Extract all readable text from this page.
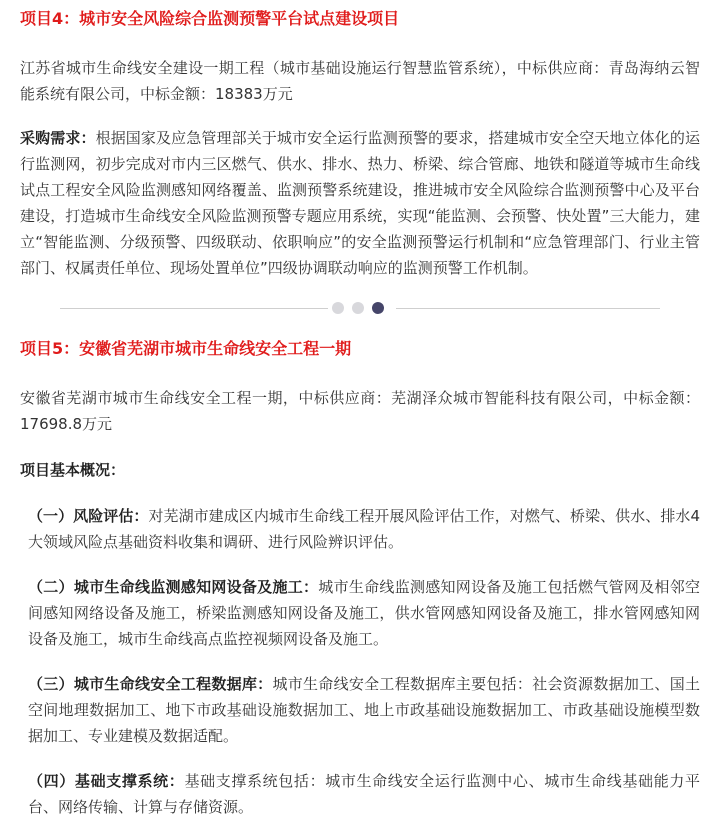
项目4：城市安全风险综合监测预警平台试点建设项目

江苏省城市生命线安全建设一期工程（城市基础设施运行智慧监管系统），中标供应商：青岛海纳云智能系统有限公司，中标金额：18383万元

采购需求：根据国家及应急管理部关于城市安全运行监测预警的要求，搭建城市安全空天地立体化的运行监测网，初步完成对市内三区燃气、供水、排水、热力、桥梁、综合管廊、地铁和隧道等城市生命线试点工程安全风险监测感知网络覆盖、监测预警系统建设，推进城市安全风险综合监测预警中心及平台建设，打造城市生命线安全风险监测预警专题应用系统，实现“能监测、会预警、快处置”三大能力，建立“智能监测、分级预警、四级联动、依职响应”的安全监测预警运行机制和“应急管理部门、行业主管部门、权属责任单位、现场处置单位”四级协调联动响应的监测预警工作机制。

项目5：安徽省芜湖市城市生命线安全工程一期

安徽省芜湖市城市生命线安全工程一期，中标供应商：芜湖泽众城市智能科技有限公司，中标金额：17698.8万元

项目基本概况：

（一）风险评估：对芜湖市建成区内城市生命线工程开展风险评估工作，对燃气、桥梁、供水、排水4大领域风险点基础资料收集和调研、进行风险辨识评估。

（二）城市生命线监测感知网设备及施工：城市生命线监测感知网设备及施工包括燃气管网及相邻空间感知网络设备及施工，桥梁监测感知网设备及施工，供水管网感知网设备及施工，排水管网感知网设备及施工，城市生命线高点监控视频网设备及施工。

（三）城市生命线安全工程数据库：城市生命线安全工程数据库主要包括：社会资源数据加工、国土空间地理数据加工、地下市政基础设施数据加工、地上市政基础设施数据加工、市政基础设施模型数据加工、专业建模及数据适配。

（四）基础支撑系统：基础支撑系统包括：城市生命线安全运行监测中心、城市生命线基础能力平台、网络传输、计算与存储资源。
